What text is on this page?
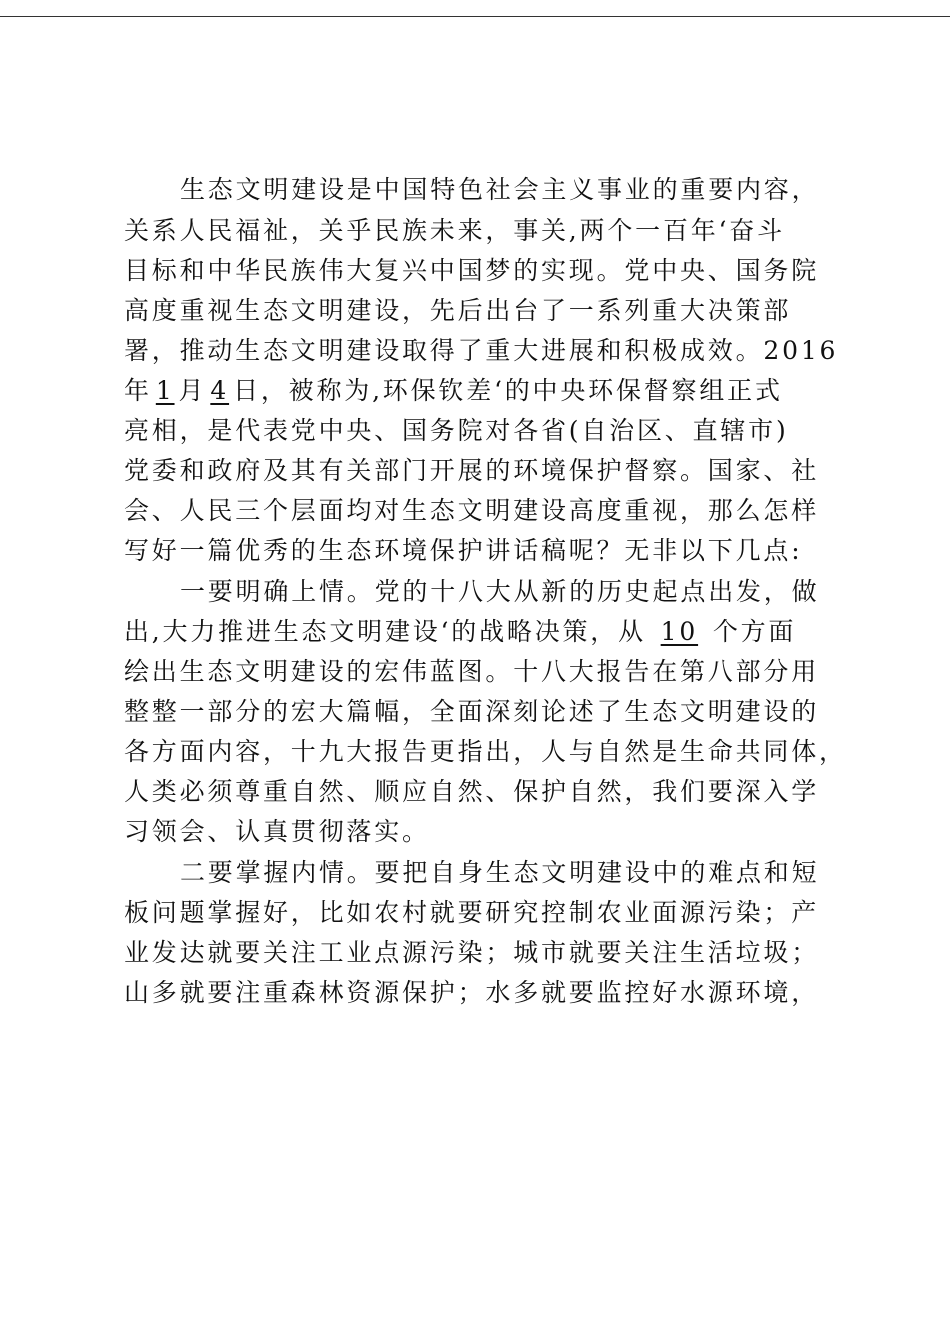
生态文明建设是中国特色社会主义事业的重要内容，
关系人民福祉，关乎民族未来，事关,两个一百年‘奋斗
目标和中华民族伟大复兴中国梦的实现。党中央、国务院
高度重视生态文明建设，先后出台了一系列重大决策部
署，推动生态文明建设取得了重大进展和积极成效。2016
年 1 月 4 日，被称为,环保钦差‘的中央环保督察组正式
亮相，是代表党中央、国务院对各省(自治区、直辖市)
党委和政府及其有关部门开展的环境保护督察。国家、社
会、人民三个层面均对生态文明建设高度重视，那么怎样
写好一篇优秀的生态环境保护讲话稿呢？无非以下几点:
一要明确上情。党的十八大从新的历史起点出发，做
出,大力推进生态文明建设‘的战略决策，从 10 个方面
绘出生态文明建设的宏伟蓝图。十八大报告在第八部分用
整整一部分的宏大篇幅，全面深刻论述了生态文明建设的
各方面内容，十九大报告更指出，人与自然是生命共同体，
人类必须尊重自然、顺应自然、保护自然，我们要深入学
习领会、认真贯彻落实。
二要掌握内情。要把自身生态文明建设中的难点和短
板问题掌握好，比如农村就要研究控制农业面源污染；产
业发达就要关注工业点源污染；城市就要关注生活垃圾；
山多就要注重森林资源保护；水多就要监控好水源环境，
